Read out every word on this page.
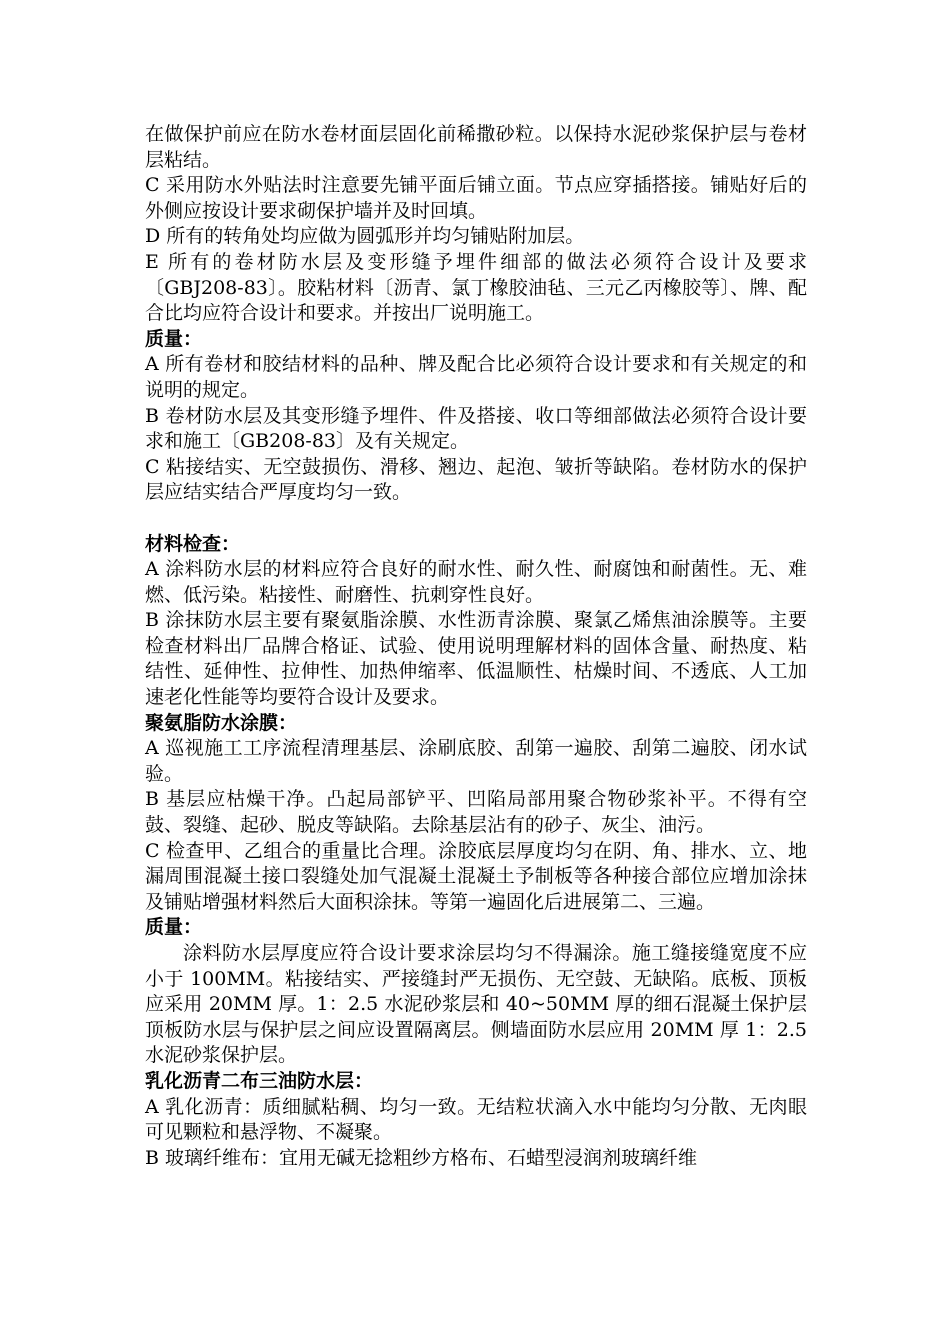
在做保护前应在防水卷材面层固化前稀撒砂粒。以保持水泥砂浆保护层与卷材层粘结。

C 采用防水外贴法时注意要先铺平面后铺立面。节点应穿插搭接。铺贴好后的外侧应按设计要求砌保护墙并及时回填。

D 所有的转角处均应做为圆弧形并均匀铺贴附加层。

E 所有的卷材防水层及变形缝予埋件细部的做法必须符合设计及要求〔GBJ208-83〕。胶粘材料〔沥青、氯丁橡胶油毡、三元乙丙橡胶等〕、牌、配合比均应符合设计和要求。并按出厂说明施工。

质量：

A 所有卷材和胶结材料的品种、牌及配合比必须符合设计要求和有关规定的和说明的规定。

B 卷材防水层及其变形缝予埋件、件及搭接、收口等细部做法必须符合设计要求和施工〔GB208-83〕及有关规定。

C 粘接结实、无空鼓损伤、滑移、翘边、起泡、皱折等缺陷。卷材防水的保护层应结实结合严厚度均匀一致。

材料检查：

A 涂料防水层的材料应符合良好的耐水性、耐久性、耐腐蚀和耐菌性。无、难燃、低污染。粘接性、耐磨性、抗刺穿性良好。

B 涂抹防水层主要有聚氨脂涂膜、水性沥青涂膜、聚氯乙烯焦油涂膜等。主要检查材料出厂品牌合格证、试验、使用说明理解材料的固体含量、耐热度、粘结性、延伸性、拉伸性、加热伸缩率、低温顺性、枯燥时间、不透底、人工加速老化性能等均要符合设计及要求。

聚氨脂防水涂膜：

A 巡视施工工序流程清理基层、涂刷底胶、刮第一遍胶、刮第二遍胶、闭水试验。

B 基层应枯燥干净。凸起局部铲平、凹陷局部用聚合物砂浆补平。不得有空鼓、裂缝、起砂、脱皮等缺陷。去除基层沾有的砂子、灰尘、油污。

C 检查甲、乙组合的重量比合理。涂胶底层厚度均匀在阴、角、排水、立、地漏周围混凝土接口裂缝处加气混凝土混凝土予制板等各种接合部位应增加涂抹及铺贴增强材料然后大面积涂抹。等第一遍固化后进展第二、三遍。

质量：

涂料防水层厚度应符合设计要求涂层均匀不得漏涂。施工缝接缝宽度不应小于 100MM。粘接结实、严接缝封严无损伤、无空鼓、无缺陷。底板、顶板应采用 20MM 厚。1：2.5 水泥砂浆层和 40~50MM 厚的细石混凝土保护层顶板防水层与保护层之间应设置隔离层。侧墙面防水层应用 20MM 厚 1：2.5 水泥砂浆保护层。

乳化沥青二布三油防水层：

A 乳化沥青：质细腻粘稠、均匀一致。无结粒状滴入水中能均匀分散、无肉眼可见颗粒和悬浮物、不凝聚。

B 玻璃纤维布：宜用无碱无捻粗纱方格布、石蜡型浸润剂玻璃纤维
